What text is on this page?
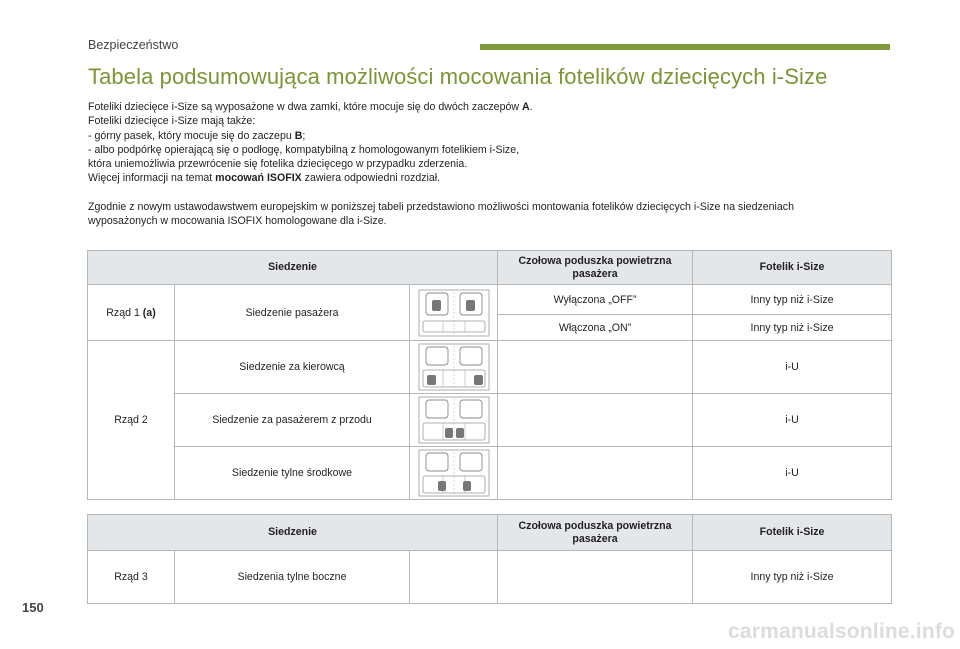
Bezpieczeństwo
Tabela podsumowująca możliwości mocowania fotelików dziecięcych i-Size

Foteliki dziecięce i-Size są wyposażone w dwa zamki, które mocuje się do dwóch zaczepów A.

Foteliki dziecięce i-Size mają także:

- górny pasek, który mocuje się do zaczepu B;

- albo podpórkę opierającą się o podłogę, kompatybilną z homologowanym fotelikiem i-Size,

która uniemożliwia przewrócenie się fotelika dziecięcego w przypadku zderzenia.

Więcej informacji na temat mocowań ISOFIX zawiera odpowiedni rozdział.

Zgodnie z nowym ustawodawstwem europejskim w poniższej tabeli przedstawiono możliwości montowania fotelików dziecięcych i-Size na siedzeniach

wyposażonych w mocowania ISOFIX homologowane dla i-Size.

Siedzenie			Czołowa poduszka powietrzna pasażera	Fotelik i-Size
Rząd 1 (a)	Siedzenie pasażera		Wyłączona „OFF”	Inny typ niż i-Size
			Włączona „ON”	Inny typ niż i-Size
Rząd 2	Siedzenie za kierowcą			i-U
	Siedzenie za pasażerem z przodu			i-U
	Siedzenie tylne środkowe			i-U
Siedzenie			Czołowa poduszka powietrzna pasażera	Fotelik i-Size
Rząd 3	Siedzenia tylne boczne			Inny typ niż i-Size
150
carmanualsonline.info
